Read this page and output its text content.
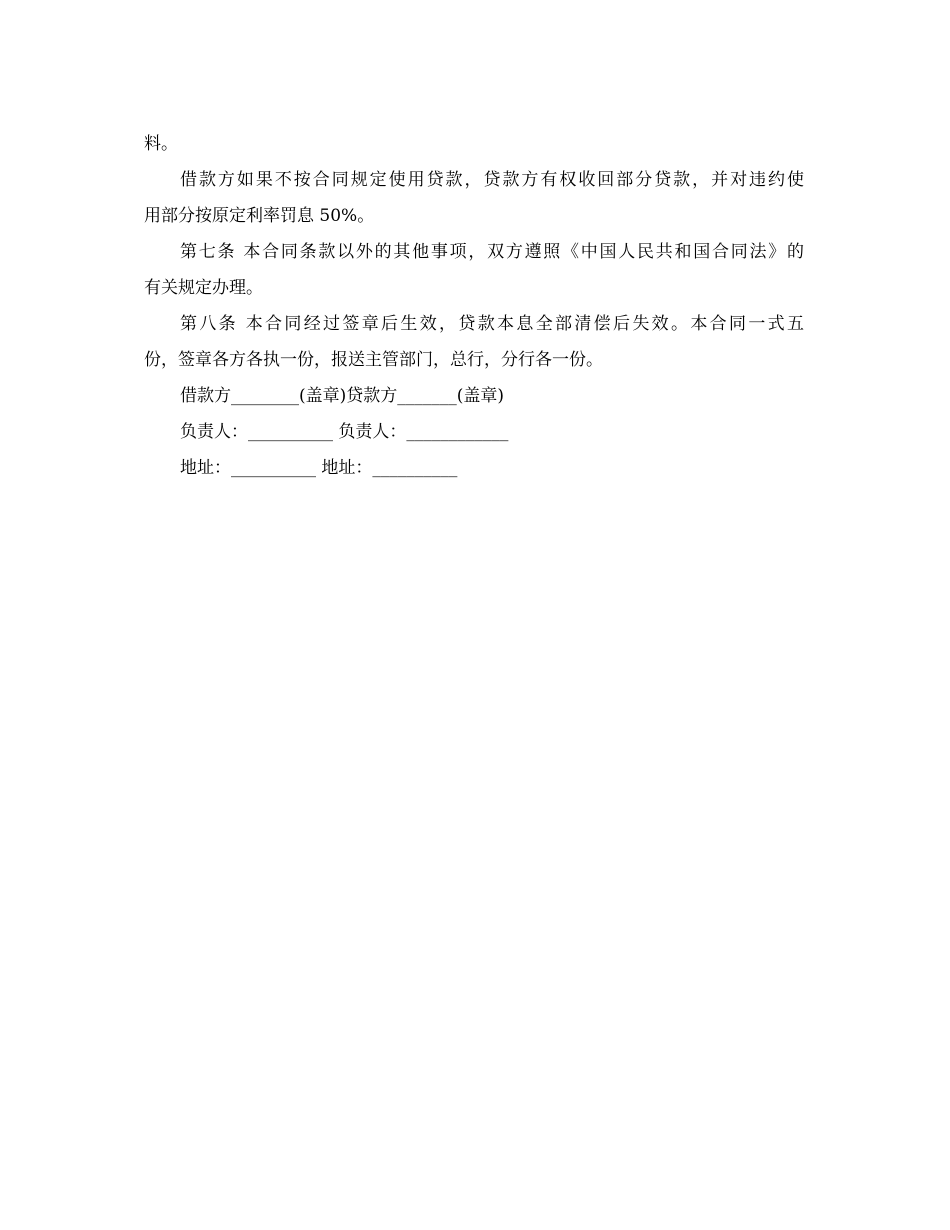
料。
借款方如果不按合同规定使用贷款，贷款方有权收回部分贷款，并对违约使
用部分按原定利率罚息 50%。
第七条 本合同条款以外的其他事项，双方遵照《中国人民共和国合同法》的
有关规定办理。
第八条 本合同经过签章后生效，贷款本息全部清偿后失效。本合同一式五
份，签章各方各执一份，报送主管部门，总行，分行各一份。
借款方________(盖章)贷款方_______(盖章)
负责人：__________ 负责人：____________
地址：__________ 地址：__________
